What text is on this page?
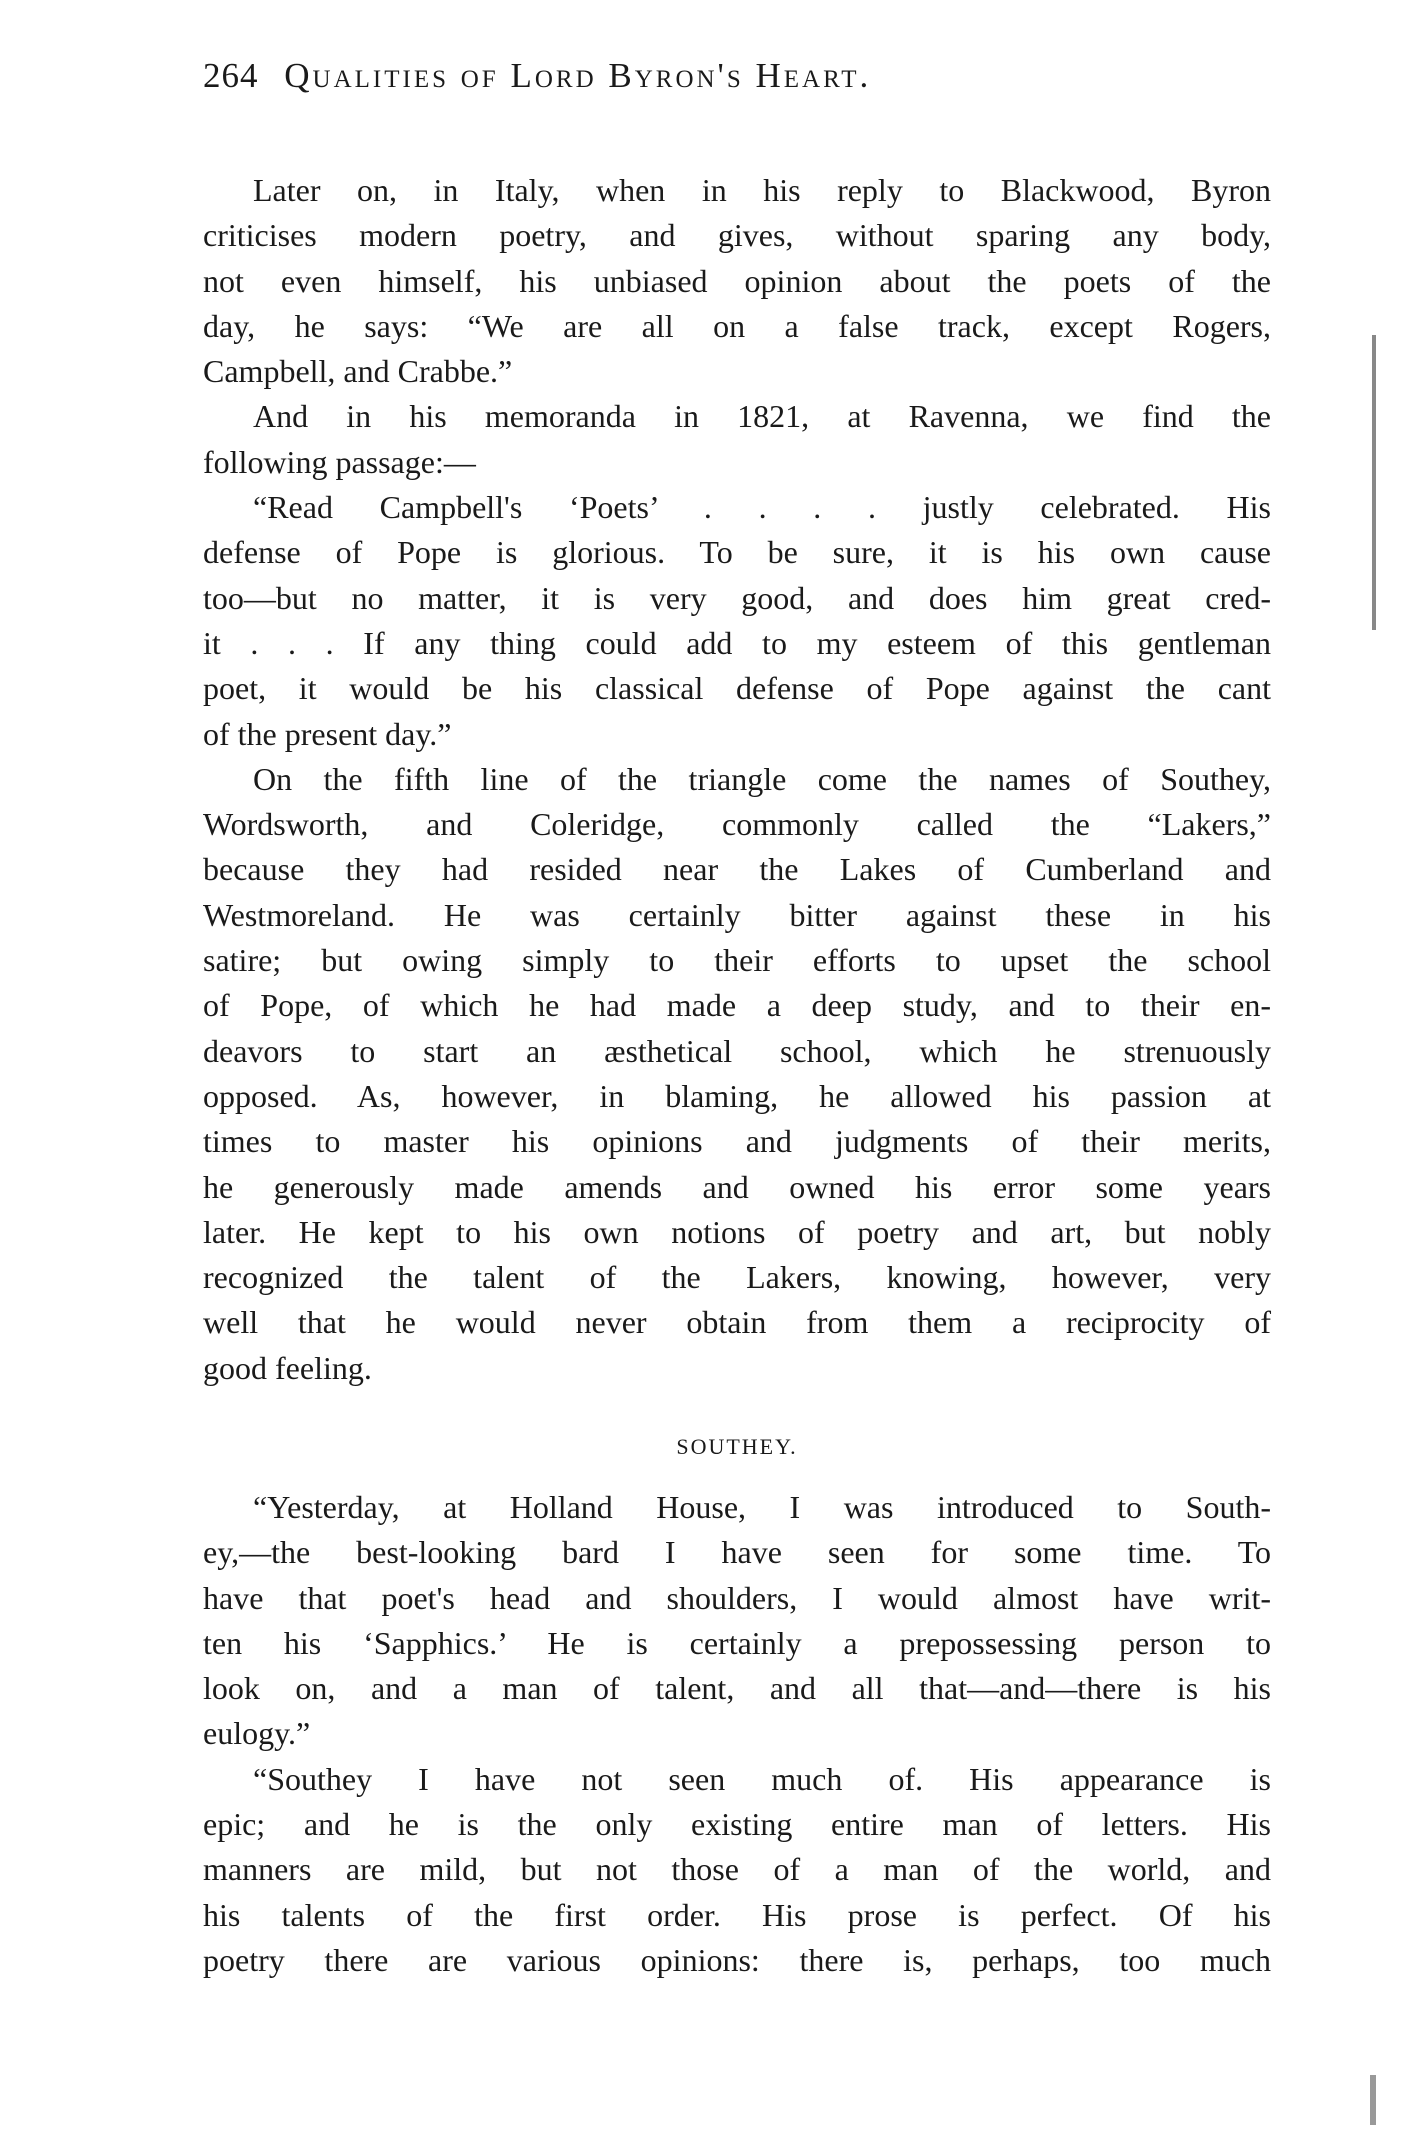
264 Qualities of Lord Byron's Heart.
Later on, in Italy, when in his reply to Blackwood, Byron
criticises modern poetry, and gives, without sparing any body,
not even himself, his unbiased opinion about the poets of the
day, he says: “We are all on a false track, except Rogers,
Campbell, and Crabbe.”
And in his memoranda in 1821, at Ravenna, we find the
following passage:—
“Read Campbell's ‘Poets’ . . . . justly celebrated. His
defense of Pope is glorious. To be sure, it is his own cause
too—but no matter, it is very good, and does him great cred-
it . . . If any thing could add to my esteem of this gentleman
poet, it would be his classical defense of Pope against the cant
of the present day.”
On the fifth line of the triangle come the names of Southey,
Wordsworth, and Coleridge, commonly called the “Lakers,”
because they had resided near the Lakes of Cumberland and
Westmoreland. He was certainly bitter against these in his
satire; but owing simply to their efforts to upset the school
of Pope, of which he had made a deep study, and to their en-
deavors to start an æsthetical school, which he strenuously
opposed. As, however, in blaming, he allowed his passion at
times to master his opinions and judgments of their merits,
he generously made amends and owned his error some years
later. He kept to his own notions of poetry and art, but nobly
recognized the talent of the Lakers, knowing, however, very
well that he would never obtain from them a reciprocity of
good feeling.
SOUTHEY.
“Yesterday, at Holland House, I was introduced to South-
ey,—the best-looking bard I have seen for some time. To
have that poet's head and shoulders, I would almost have writ-
ten his ‘Sapphics.’ He is certainly a prepossessing person to
look on, and a man of talent, and all that—and—there is his
eulogy.”
“Southey I have not seen much of. His appearance is
epic; and he is the only existing entire man of letters. His
manners are mild, but not those of a man of the world, and
his talents of the first order. His prose is perfect. Of his
poetry there are various opinions: there is, perhaps, too much
